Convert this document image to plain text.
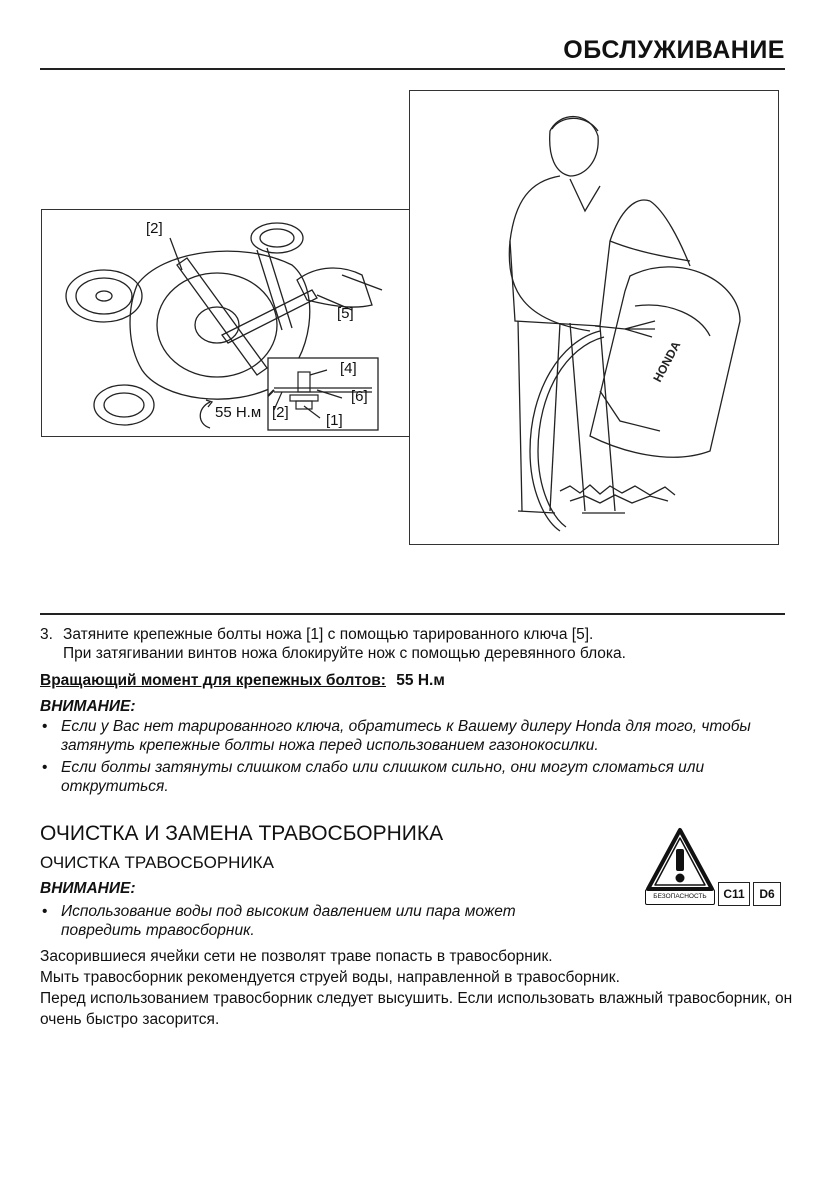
ОБСЛУЖИВАНИЕ
[2]
[5]
[4]
[6]
[2] [1]
55 Н.м
HONDA
3. Затяните крепежные болты ножа [1] с помощью тарированного ключа [5].
При затягивании винтов ножа блокируйте нож с помощью деревянного блока.
Вращающий момент для крепежных болтов: 55 Н.м
ВНИМАНИЕ:
• Если у Вас нет тарированного ключа, обратитесь к Вашему дилеру Honda для того, чтобы затянуть крепежные болты ножа перед использованием газонокосилки.
• Если болты затянуты слишком слабо или слишком сильно, они могут сломаться или открутиться.
ОЧИСТКА И ЗАМЕНА ТРАВОСБОРНИКА
ОЧИСТКА ТРАВОСБОРНИКА
БЕЗОПАСНОСТЬ	C11	D6
ВНИМАНИЕ:
• Использование воды под высоким давлением или пара может повредить травосборник.
Засорившиеся ячейки сети не позволят траве попасть в травосборник.
Мыть травосборник рекомендуется струей воды, направленной в травосборник.
Перед использованием травосборник следует высушить. Если использовать влажный травосборник, он очень быстро засорится.
